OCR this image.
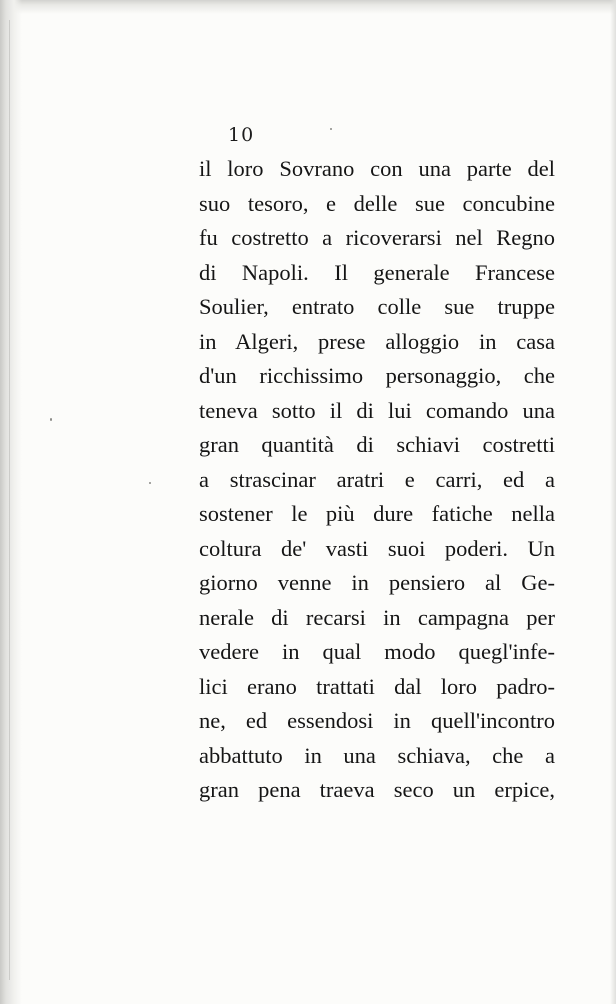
10

il loro Sovrano con una parte del
suo tesoro, e delle sue concubine
fu costretto a ricoverarsi nel Regno
di Napoli. Il generale Francese
Soulier, entrato colle sue truppe
in Algeri, prese alloggio in casa
d'un ricchissimo personaggio, che
teneva sotto il di lui comando una
gran quantità di schiavi costretti
a strascinar aratri e carri, ed a
sostener le più dure fatiche nella
coltura de' vasti suoi poderi. Un
giorno venne in pensiero al Ge-
nerale di recarsi in campagna per
vedere in qual modo quegl'infe-
lici erano trattati dal loro padro-
ne, ed essendosi in quell'incontro
abbattuto in una schiava, che a
gran pena traeva seco un erpice,
